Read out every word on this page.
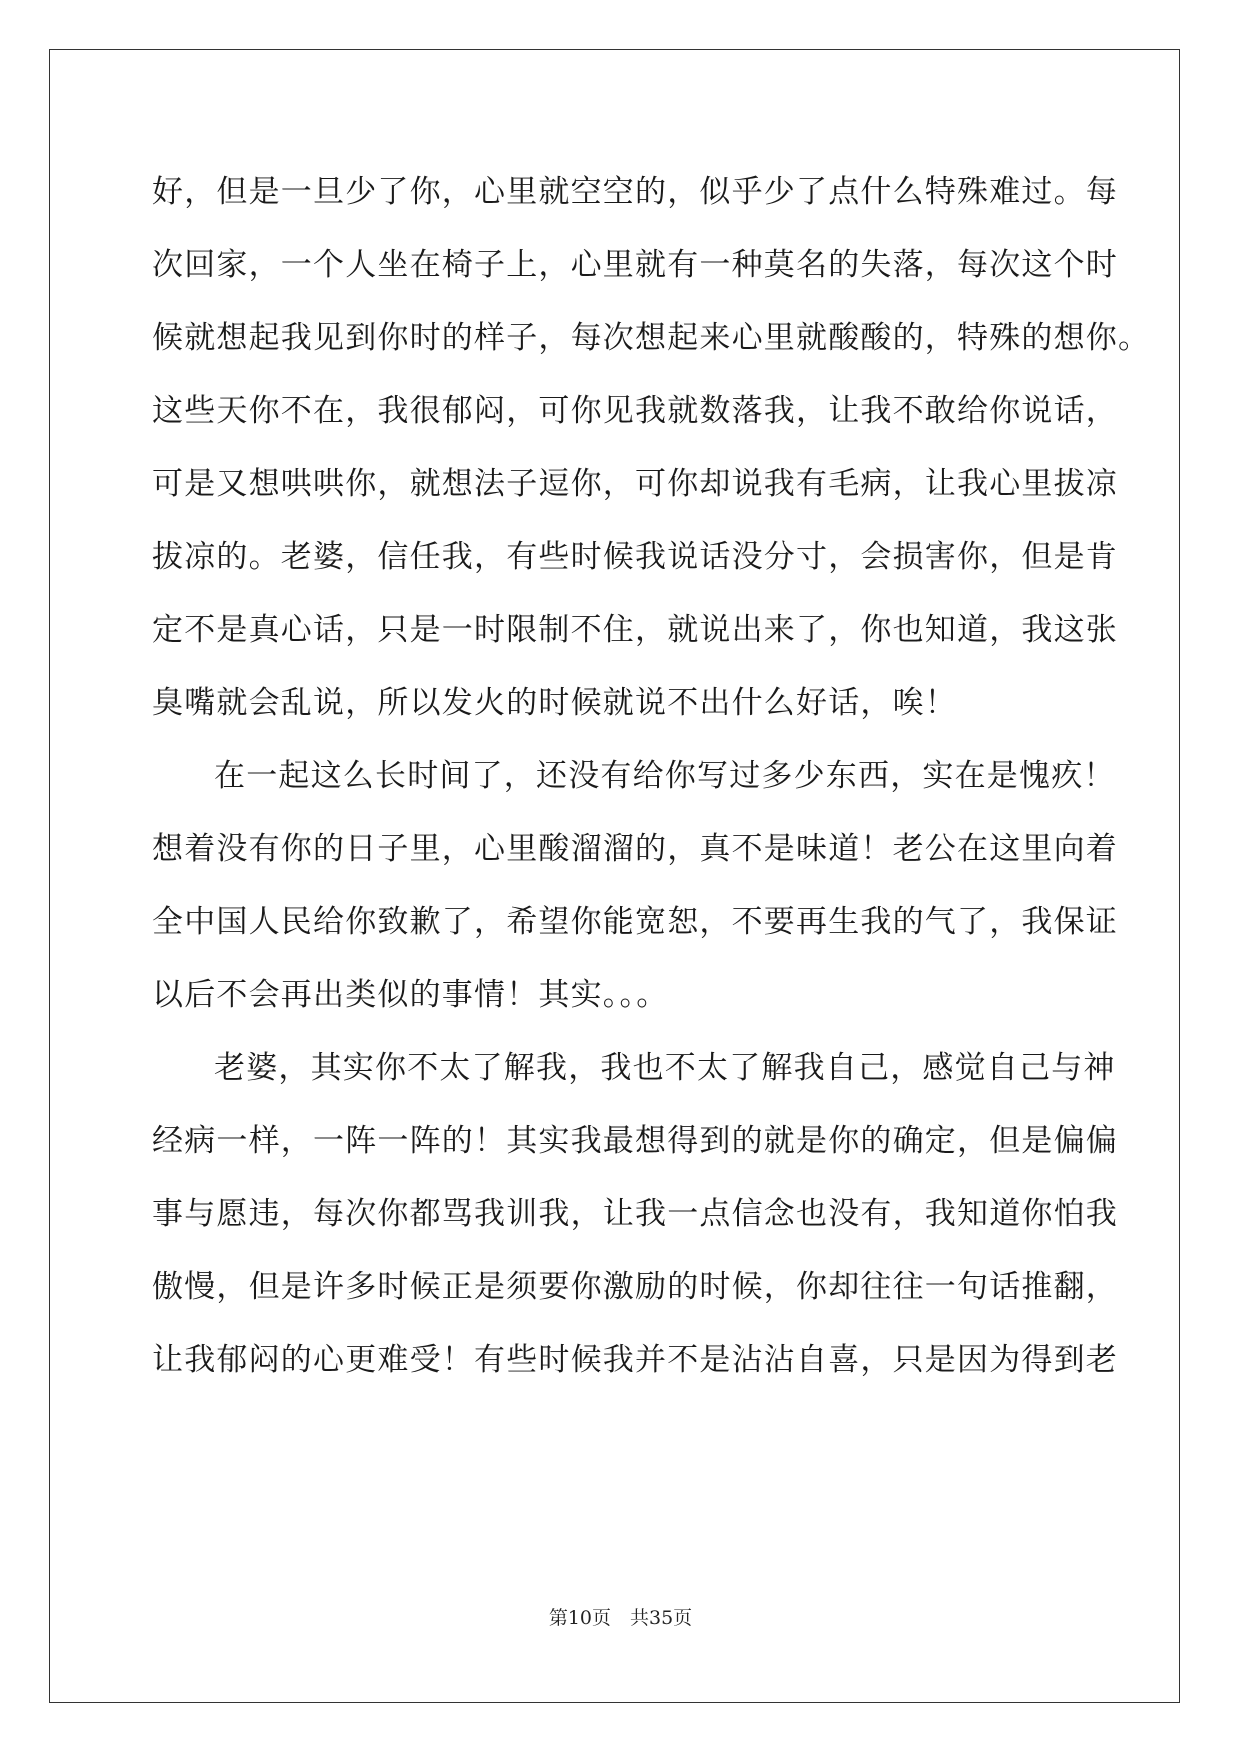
好，但是一旦少了你，心里就空空的，似乎少了点什么特殊难过。每
次回家，一个人坐在椅子上，心里就有一种莫名的失落，每次这个时
候就想起我见到你时的样子，每次想起来心里就酸酸的，特殊的想你。
这些天你不在，我很郁闷，可你见我就数落我，让我不敢给你说话，
可是又想哄哄你，就想法子逗你，可你却说我有毛病，让我心里拔凉
拔凉的。老婆，信任我，有些时候我说话没分寸，会损害你，但是肯
定不是真心话，只是一时限制不住，就说出来了，你也知道，我这张
臭嘴就会乱说，所以发火的时候就说不出什么好话，唉！
在一起这么长时间了，还没有给你写过多少东西，实在是愧疚！
想着没有你的日子里，心里酸溜溜的，真不是味道！老公在这里向着
全中国人民给你致歉了，希望你能宽恕，不要再生我的气了，我保证
以后不会再出类似的事情！其实。。。
老婆，其实你不太了解我，我也不太了解我自己，感觉自己与神
经病一样，一阵一阵的！其实我最想得到的就是你的确定，但是偏偏
事与愿违，每次你都骂我训我，让我一点信念也没有，我知道你怕我
傲慢，但是许多时候正是须要你激励的时候，你却往往一句话推翻，
让我郁闷的心更难受！有些时候我并不是沾沾自喜，只是因为得到老
第10页　共35页
